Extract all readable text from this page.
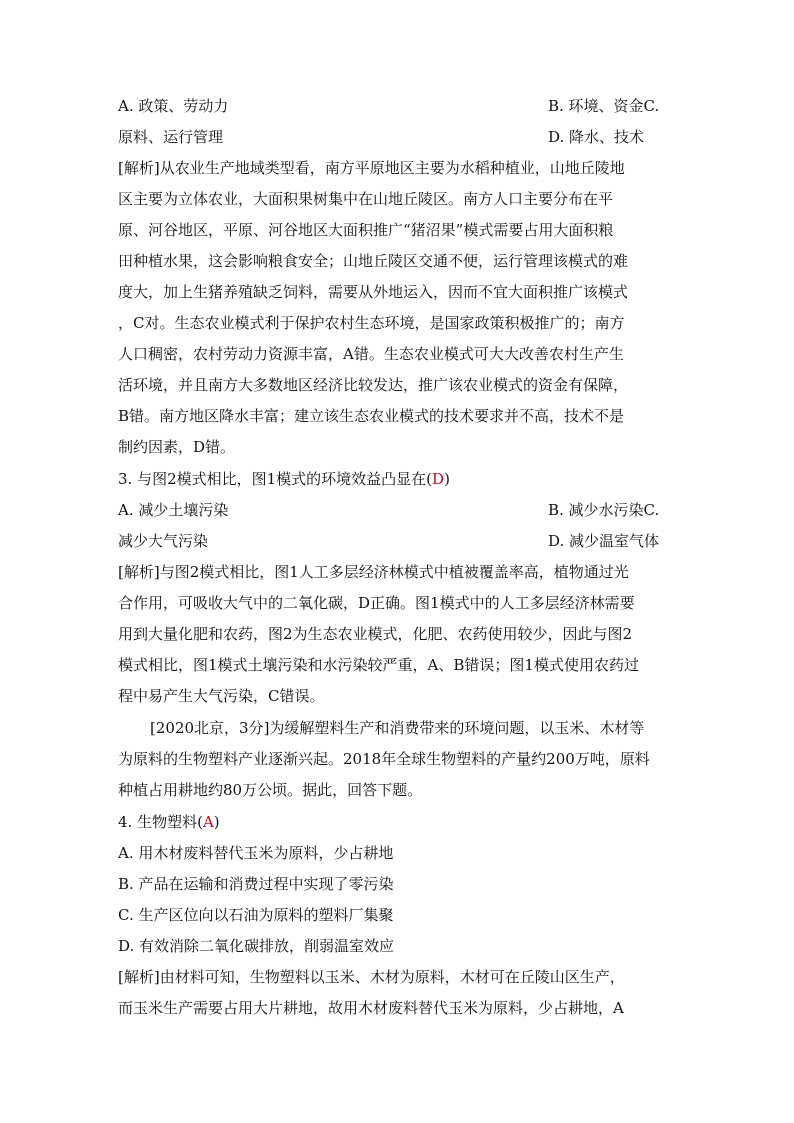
A. 政策、劳动力	B. 环境、资金C.
原料、运行管理	D. 降水、技术
[解析]从农业生产地域类型看，南方平原地区主要为水稻种植业，山地丘陵地
区主要为立体农业，大面积果树集中在山地丘陵区。南方人口主要分布在平
原、河谷地区，平原、河谷地区大面积推广“猪沼果”模式需要占用大面积粮
田种植水果，这会影响粮食安全；山地丘陵区交通不便，运行管理该模式的难
度大，加上生猪养殖缺乏饲料，需要从外地运入，因而不宜大面积推广该模式
，C对。生态农业模式利于保护农村生态环境，是国家政策积极推广的；南方
人口稠密，农村劳动力资源丰富，A错。生态农业模式可大大改善农村生产生
活环境，并且南方大多数地区经济比较发达，推广该农业模式的资金有保障，
B错。南方地区降水丰富；建立该生态农业模式的技术要求并不高，技术不是
制约因素，D错。
3. 与图2模式相比，图1模式的环境效益凸显在(D)
A. 减少土壤污染	B. 减少水污染C.
减少大气污染	D. 减少温室气体
[解析]与图2模式相比，图1人工多层经济林模式中植被覆盖率高，植物通过光
合作用，可吸收大气中的二氧化碳，D正确。图1模式中的人工多层经济林需要
用到大量化肥和农药，图2为生态农业模式，化肥、农药使用较少，因此与图2
模式相比，图1模式土壤污染和水污染较严重，A、B错误；图1模式使用农药过
程中易产生大气污染，C错误。
[2020北京，3分]为缓解塑料生产和消费带来的环境问题，以玉米、木材等
为原料的生物塑料产业逐渐兴起。2018年全球生物塑料的产量约200万吨，原料
种植占用耕地约80万公顷。据此，回答下题。
4. 生物塑料(A)
A. 用木材废料替代玉米为原料，少占耕地
B. 产品在运输和消费过程中实现了零污染
C. 生产区位向以石油为原料的塑料厂集聚
D. 有效消除二氧化碳排放，削弱温室效应
[解析]由材料可知，生物塑料以玉米、木材为原料，木材可在丘陵山区生产，
而玉米生产需要占用大片耕地，故用木材废料替代玉米为原料，少占耕地，A
